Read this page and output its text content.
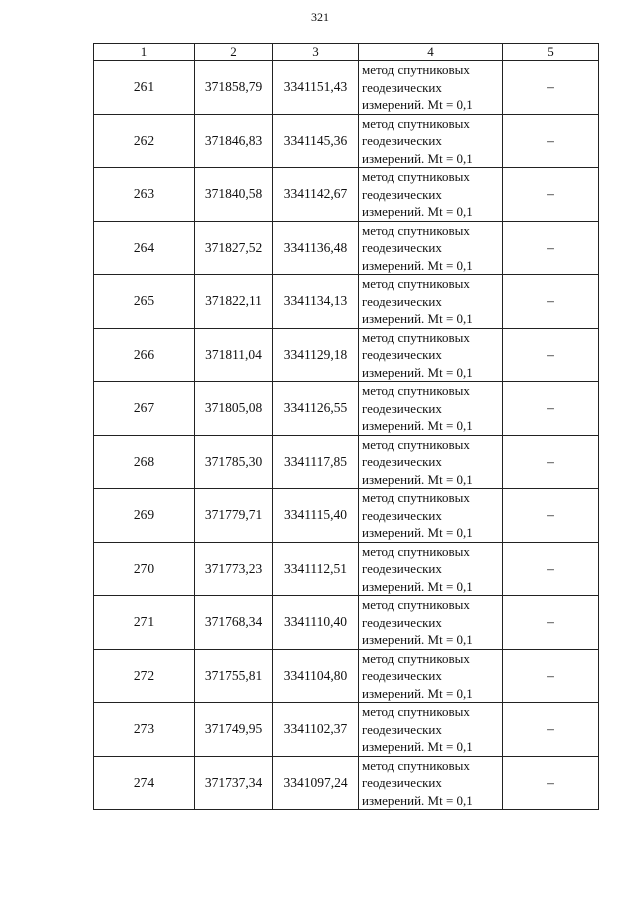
321
1	2	3	4	5
261	371858,79	3341151,43	метод спутниковых
геодезических
измерений. Mt = 0,1	–
262	371846,83	3341145,36	метод спутниковых
геодезических
измерений. Mt = 0,1	–
263	371840,58	3341142,67	метод спутниковых
геодезических
измерений. Mt = 0,1	–
264	371827,52	3341136,48	метод спутниковых
геодезических
измерений. Mt = 0,1	–
265	371822,11	3341134,13	метод спутниковых
геодезических
измерений. Mt = 0,1	–
266	371811,04	3341129,18	метод спутниковых
геодезических
измерений. Mt = 0,1	–
267	371805,08	3341126,55	метод спутниковых
геодезических
измерений. Mt = 0,1	–
268	371785,30	3341117,85	метод спутниковых
геодезических
измерений. Mt = 0,1	–
269	371779,71	3341115,40	метод спутниковых
геодезических
измерений. Mt = 0,1	–
270	371773,23	3341112,51	метод спутниковых
геодезических
измерений. Mt = 0,1	–
271	371768,34	3341110,40	метод спутниковых
геодезических
измерений. Mt = 0,1	–
272	371755,81	3341104,80	метод спутниковых
геодезических
измерений. Mt = 0,1	–
273	371749,95	3341102,37	метод спутниковых
геодезических
измерений. Mt = 0,1	–
274	371737,34	3341097,24	метод спутниковых
геодезических
измерений. Mt = 0,1	–
